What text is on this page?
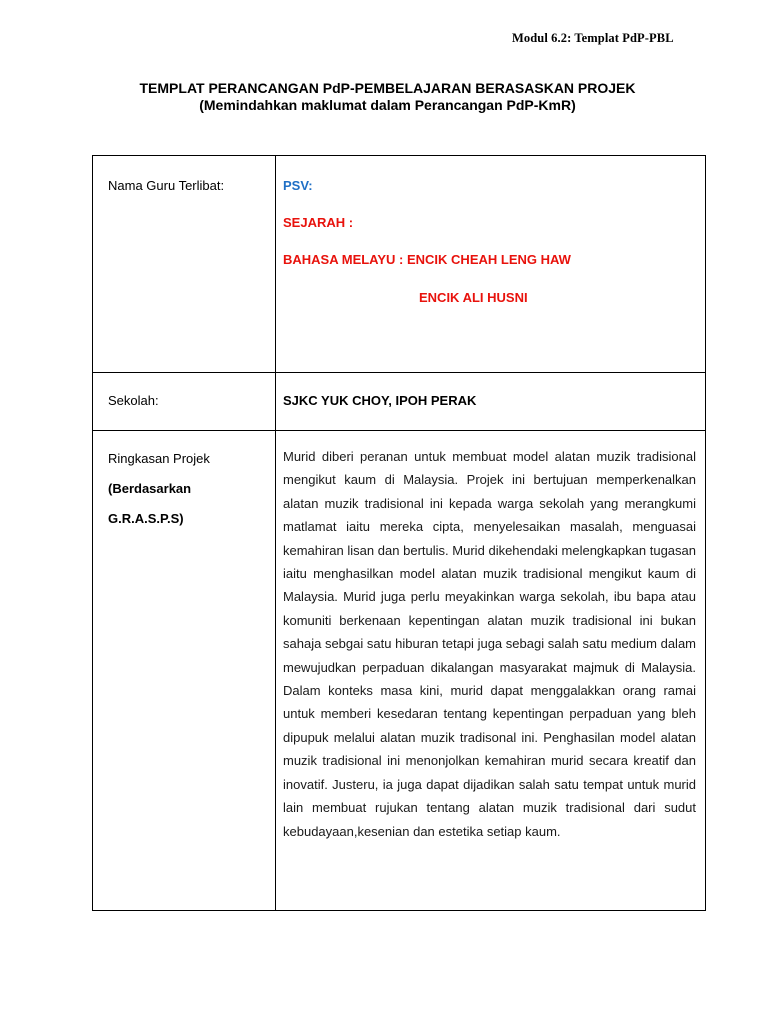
Modul 6.2: Templat PdP-PBL
TEMPLAT PERANCANGAN PdP-PEMBELAJARAN BERASASKAN PROJEK
(Memindahkan maklumat dalam Perancangan PdP-KmR)
Nama Guru Terlibat:	PSV:
SEJARAH :
BAHASA MELAYU : ENCIK CHEAH LENG HAW
ENCIK ALI HUSNI
Sekolah:	SJKC YUK CHOY, IPOH PERAK
Ringkasan Projek
(Berdasarkan
G.R.A.S.P.S)
Murid diberi peranan untuk membuat model alatan muzik tradisional mengikut kaum di Malaysia. Projek ini bertujuan memperkenalkan alatan muzik tradisional ini kepada warga sekolah yang merangkumi matlamat iaitu mereka cipta, menyelesaikan masalah, menguasai kemahiran lisan dan bertulis. Murid dikehendaki melengkapkan tugasan iaitu menghasilkan model alatan muzik tradisional mengikut kaum di Malaysia. Murid juga perlu meyakinkan warga sekolah, ibu bapa atau komuniti berkenaan kepentingan alatan muzik tradisional ini bukan sahaja sebgai satu hiburan tetapi juga sebagi salah satu medium dalam mewujudkan perpaduan dikalangan masyarakat majmuk di Malaysia. Dalam konteks masa kini, murid dapat menggalakkan orang ramai untuk memberi kesedaran tentang kepentingan perpaduan yang bleh dipupuk melalui alatan muzik tradisonal ini. Penghasilan model alatan muzik tradisional ini menonjolkan kemahiran murid secara kreatif dan inovatif. Justeru, ia juga dapat dijadikan salah satu tempat untuk murid lain membuat rujukan tentang alatan muzik tradisional dari sudut kebudayaan,kesenian dan estetika setiap kaum.
